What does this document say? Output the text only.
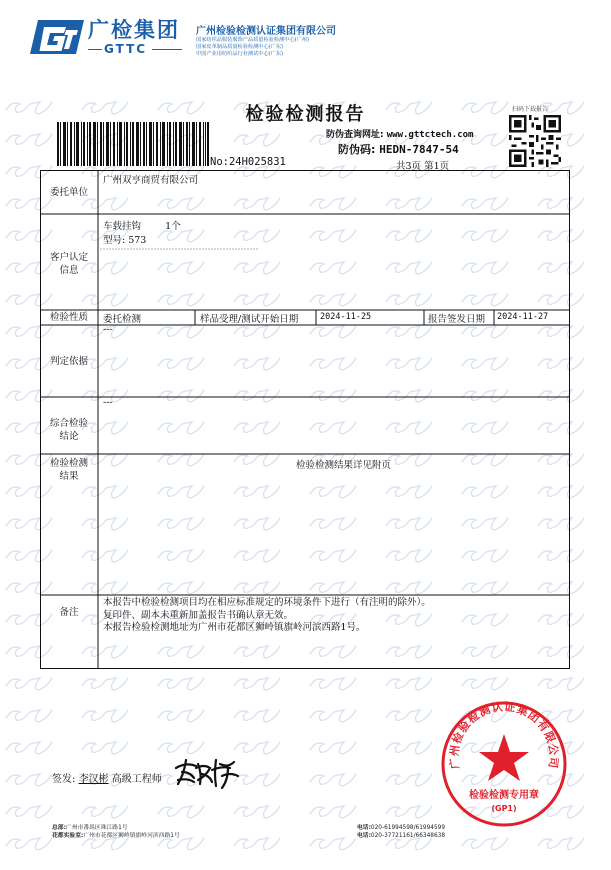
广检集团
GTTC
广州检验检测认证集团有限公司
国家纺织品服装服饰产品质量检验检测中心(广州)
国家皮革制品质量检验检测中心(广东)
中国产业用纺织品行业测试中心(广东)
检验检测报告	扫码下载报告
防伪查询网址: www.gttctech.com
防伪码: HEDN-7847-54
No:24H025831	共3页 第1页
委托单位
广州双亨商贸有限公司
客户认定信息
车载挂钩        1个
型号: 573
检验性质	委托检测	样品受理/测试开始日期	2024-11-25	报告签发日期 2024-11-27
判定依据
---
综合检验结论
---
检验检测结果
检验检测结果详见附页
备注
本报告中检验检测项目均在相应标准规定的环境条件下进行（有注明的除外）。
复印件、副本未重新加盖报告书确认章无效。
本报告检验检测地址为广州市花都区狮岭镇旗岭河滨西路1号。
签发: 李汉彬 高级工程师
广州检验检测认证集团有限公司
检验检测专用章
(GP1)
总部:广州市番禺区珠江路1号
花都实验室:广州市花都区狮岭镇旗岭河滨西路1号
电话:020-61994598/61994599
电话:020-37721161/66348638
